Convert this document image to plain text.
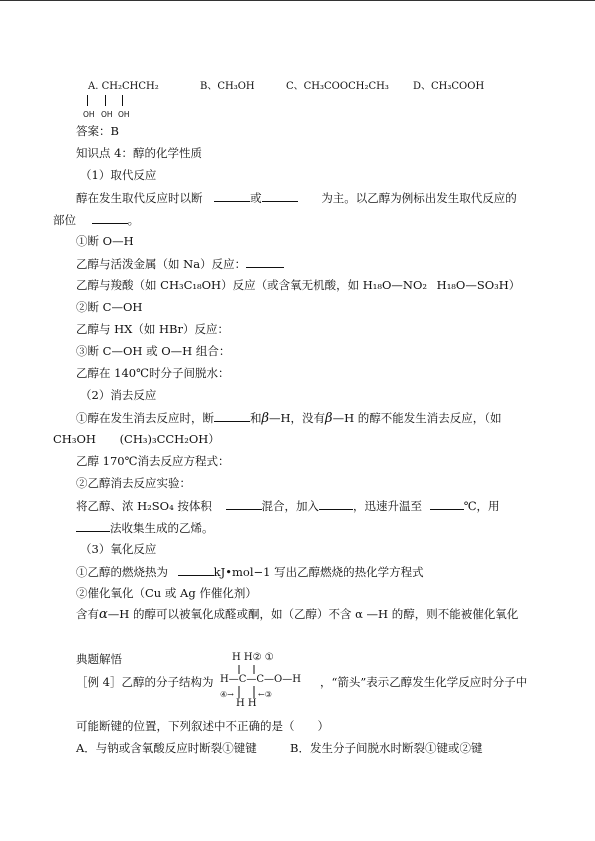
A. CH₂CHCH₂
OH OH OH
B、CH₃OH	C、CH₃COOCH₂CH₃ D、CH₃COOH
答案：B
知识点 4：醇的化学性质
（1）取代反应
醇在发生取代反应时以断	或	为主。以乙醇为例标出发生取代反应的
部位	。
①断 O—H
乙醇与活泼金属（如 Na）反应：
乙醇与羧酸（如 CH₃C₁₈OH）反应（或含氧无机酸，如 H₁₈O—NO₂ H₁₈O—SO₃H）
②断 C—OH
乙醇与 HX（如 HBr）反应：
③断 C—OH 或 O—H 组合：
乙醇在 140℃时分子间脱水：
（2）消去反应
①醇在发生消去反应时，断	和β—H，没有β—H 的醇不能发生消去反应，（如
CH₃OH (CH₃)₃CCH₂OH）
乙醇 170℃消去反应方程式：
②乙醇消去反应实验：
将乙醇、浓 H₂SO₄ 按体积	混合，加入	，迅速升温至	℃，用
法收集生成的乙烯。
（3）氧化反应
①乙醇的燃烧热为	kJ•mol−1 写出乙醇燃烧的热化学方程式
②催化氧化（Cu 或 Ag 作催化剂）
含有α—H 的醇可以被氧化成醛或酮，如（乙醇）不含 α —H 的醇，则不能被催化氧化
典题解悟
［例 4］乙醇的分子结构为
H H② ①
H—C—C—O—H
④→	←③
H H
，“箭头”表示乙醇发生化学反应时分子中
可能断键的位置，下列叙述中不正确的是（　　）
A．与钠或含氧酸反应时断裂①键键	B．发生分子间脱水时断裂①键或②键
